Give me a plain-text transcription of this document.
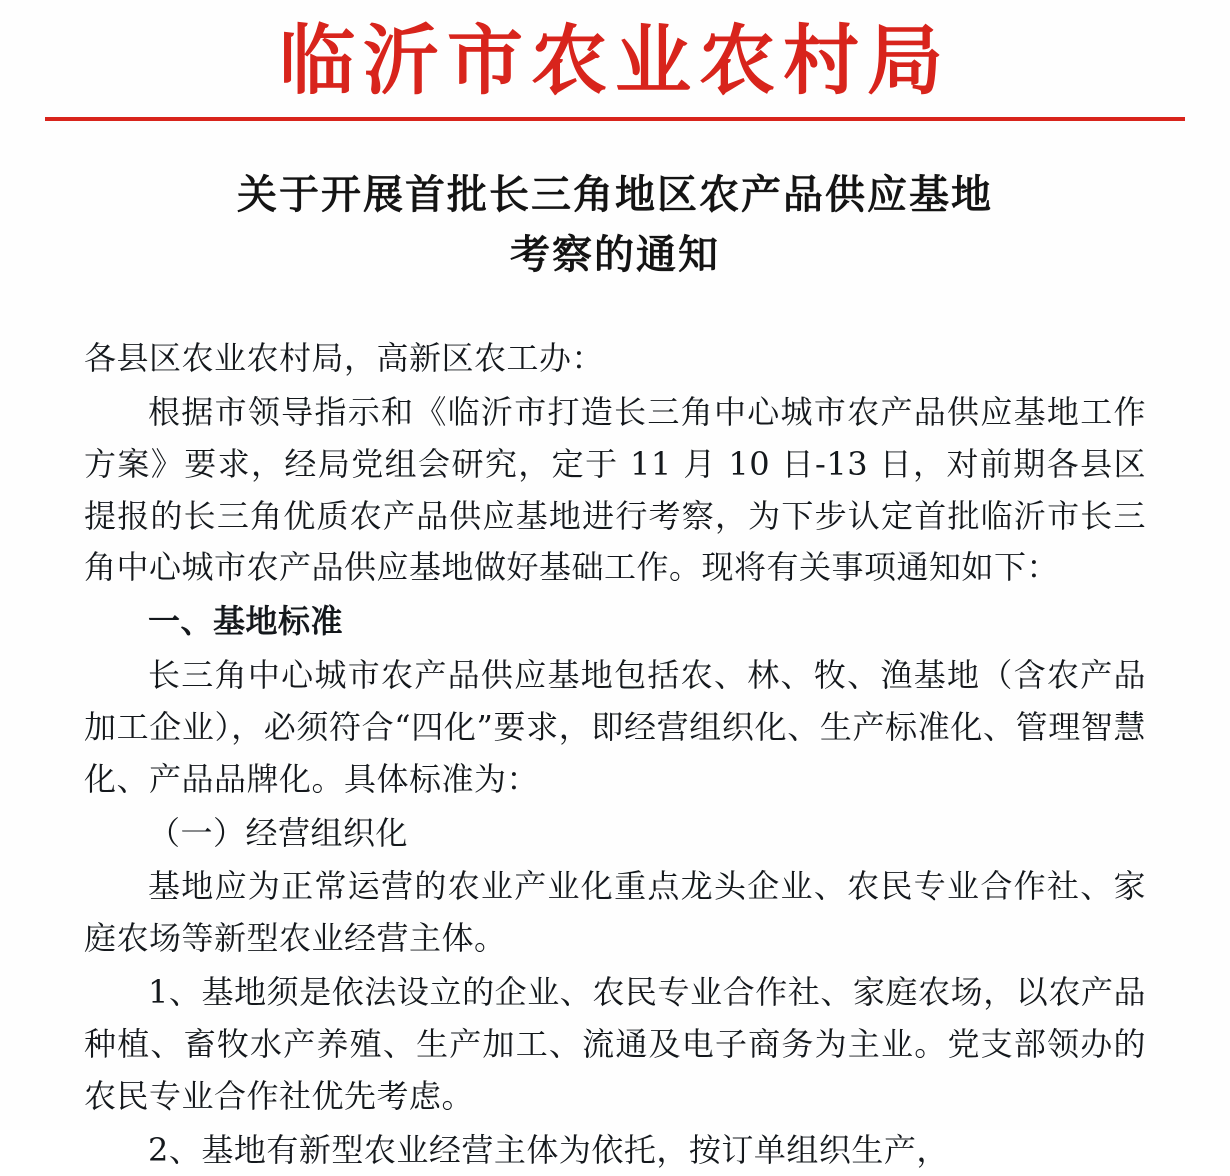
临沂市农业农村局
关于开展首批长三角地区农产品供应基地
考察的通知

各县区农业农村局，高新区农工办：

根据市领导指示和《临沂市打造长三角中心城市农产品供应基地工作方案》要求，经局党组会研究，定于 11 月 10 日-13 日，对前期各县区提报的长三角优质农产品供应基地进行考察，为下步认定首批临沂市长三角中心城市农产品供应基地做好基础工作。现将有关事项通知如下：

一、基地标准

长三角中心城市农产品供应基地包括农、林、牧、渔基地（含农产品加工企业），必须符合“四化”要求，即经营组织化、生产标准化、管理智慧化、产品品牌化。具体标准为：

（一）经营组织化

基地应为正常运营的农业产业化重点龙头企业、农民专业合作社、家庭农场等新型农业经营主体。

1、基地须是依法设立的企业、农民专业合作社、家庭农场，以农产品种植、畜牧水产养殖、生产加工、流通及电子商务为主业。党支部领办的农民专业合作社优先考虑。

2、基地有新型农业经营主体为依托，按订单组织生产，
